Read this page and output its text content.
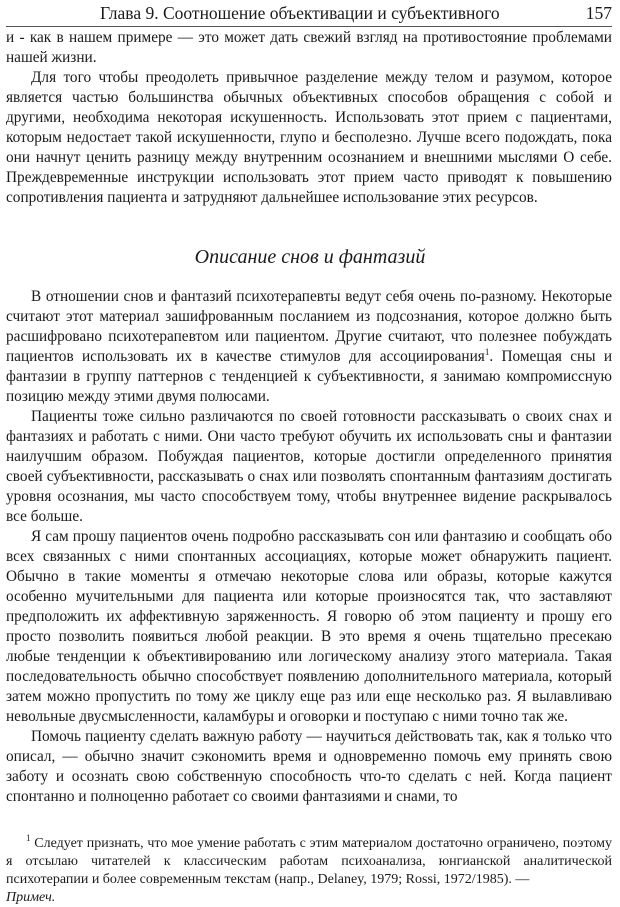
Глава 9. Соотношение объективации и субъективного	157

и - как в нашем примере — это может дать свежий взгляд на противостояние проблемами нашей жизни.

Для того чтобы преодолеть привычное разделение между телом и разумом, которое является частью большинства обычных объективных способов обращения с собой и другими, необходима некоторая искушенность. Использовать этот прием с пациентами, которым недостает такой искушенности, глупо и бесполезно. Лучше всего подождать, пока они начнут ценить разницу между внутренним осознанием и внешними мыслями О себе. Преждевременные инструкции использовать этот прием часто приводят к повышению сопротивления пациента и затрудняют дальнейшее использование этих ресурсов.

Описание снов и фантазий

В отношении снов и фантазий психотерапевты ведут себя очень по-разному. Некоторые считают этот материал зашифрованным посланием из подсознания, которое должно быть расшифровано психотерапевтом или пациентом. Другие считают, что полезнее побуждать пациентов использовать их в качестве стимулов для ассоциирования$^1$. Помещая сны и фантазии в группу паттернов с тенденцией к субъективности, я занимаю компромиссную позицию между этими двумя полюсами.

Пациенты тоже сильно различаются по своей готовности рассказывать о своих снах и фантазиях и работать с ними. Они часто требуют обучить их использовать сны и фантазии наилучшим образом. Побуждая пациентов, которые достигли определенного принятия своей субъективности, рассказывать о снах или позволять спонтанным фантазиям достигать уровня осознания, мы часто способствуем тому, чтобы внутреннее видение раскрывалось все больше.

Я сам прошу пациентов очень подробно рассказывать сон или фантазию и сообщать обо всех связанных с ними спонтанных ассоциациях, которые может обнаружить пациент. Обычно в такие моменты я отмечаю некоторые слова или образы, которые кажутся особенно мучительными для пациента или которые произносятся так, что заставляют предположить их аффективную заряженность. Я говорю об этом пациенту и прошу его просто позволить появиться любой реакции. В это время я очень тщательно пресекаю любые тенденции к объективированию или логическому анализу этого материала. Такая последовательность обычно способствует появлению дополнительного материала, который затем можно пропустить по тому же циклу еще раз или еще несколько раз. Я вылавливаю невольные двусмысленности, каламбуры и оговорки и поступаю с ними точно так же.

Помочь пациенту сделать важную работу — научиться действовать так, как я только что описал, — обычно значит сэкономить время и одновременно помочь ему принять свою заботу и осознать свою собственную способность что-то сделать с ней. Когда пациент спонтанно и полноценно работает со своими фантазиями и снами, то

$^1$ Следует признать, что мое умение работать с этим материалом достаточно ограничено, поэтому я отсылаю читателей к классическим работам психоанализа, юнгианской аналитической психотерапии и более современным текстам (напр., Delaney, 1979; Rossi, 1972/1985). —
Примеч.
